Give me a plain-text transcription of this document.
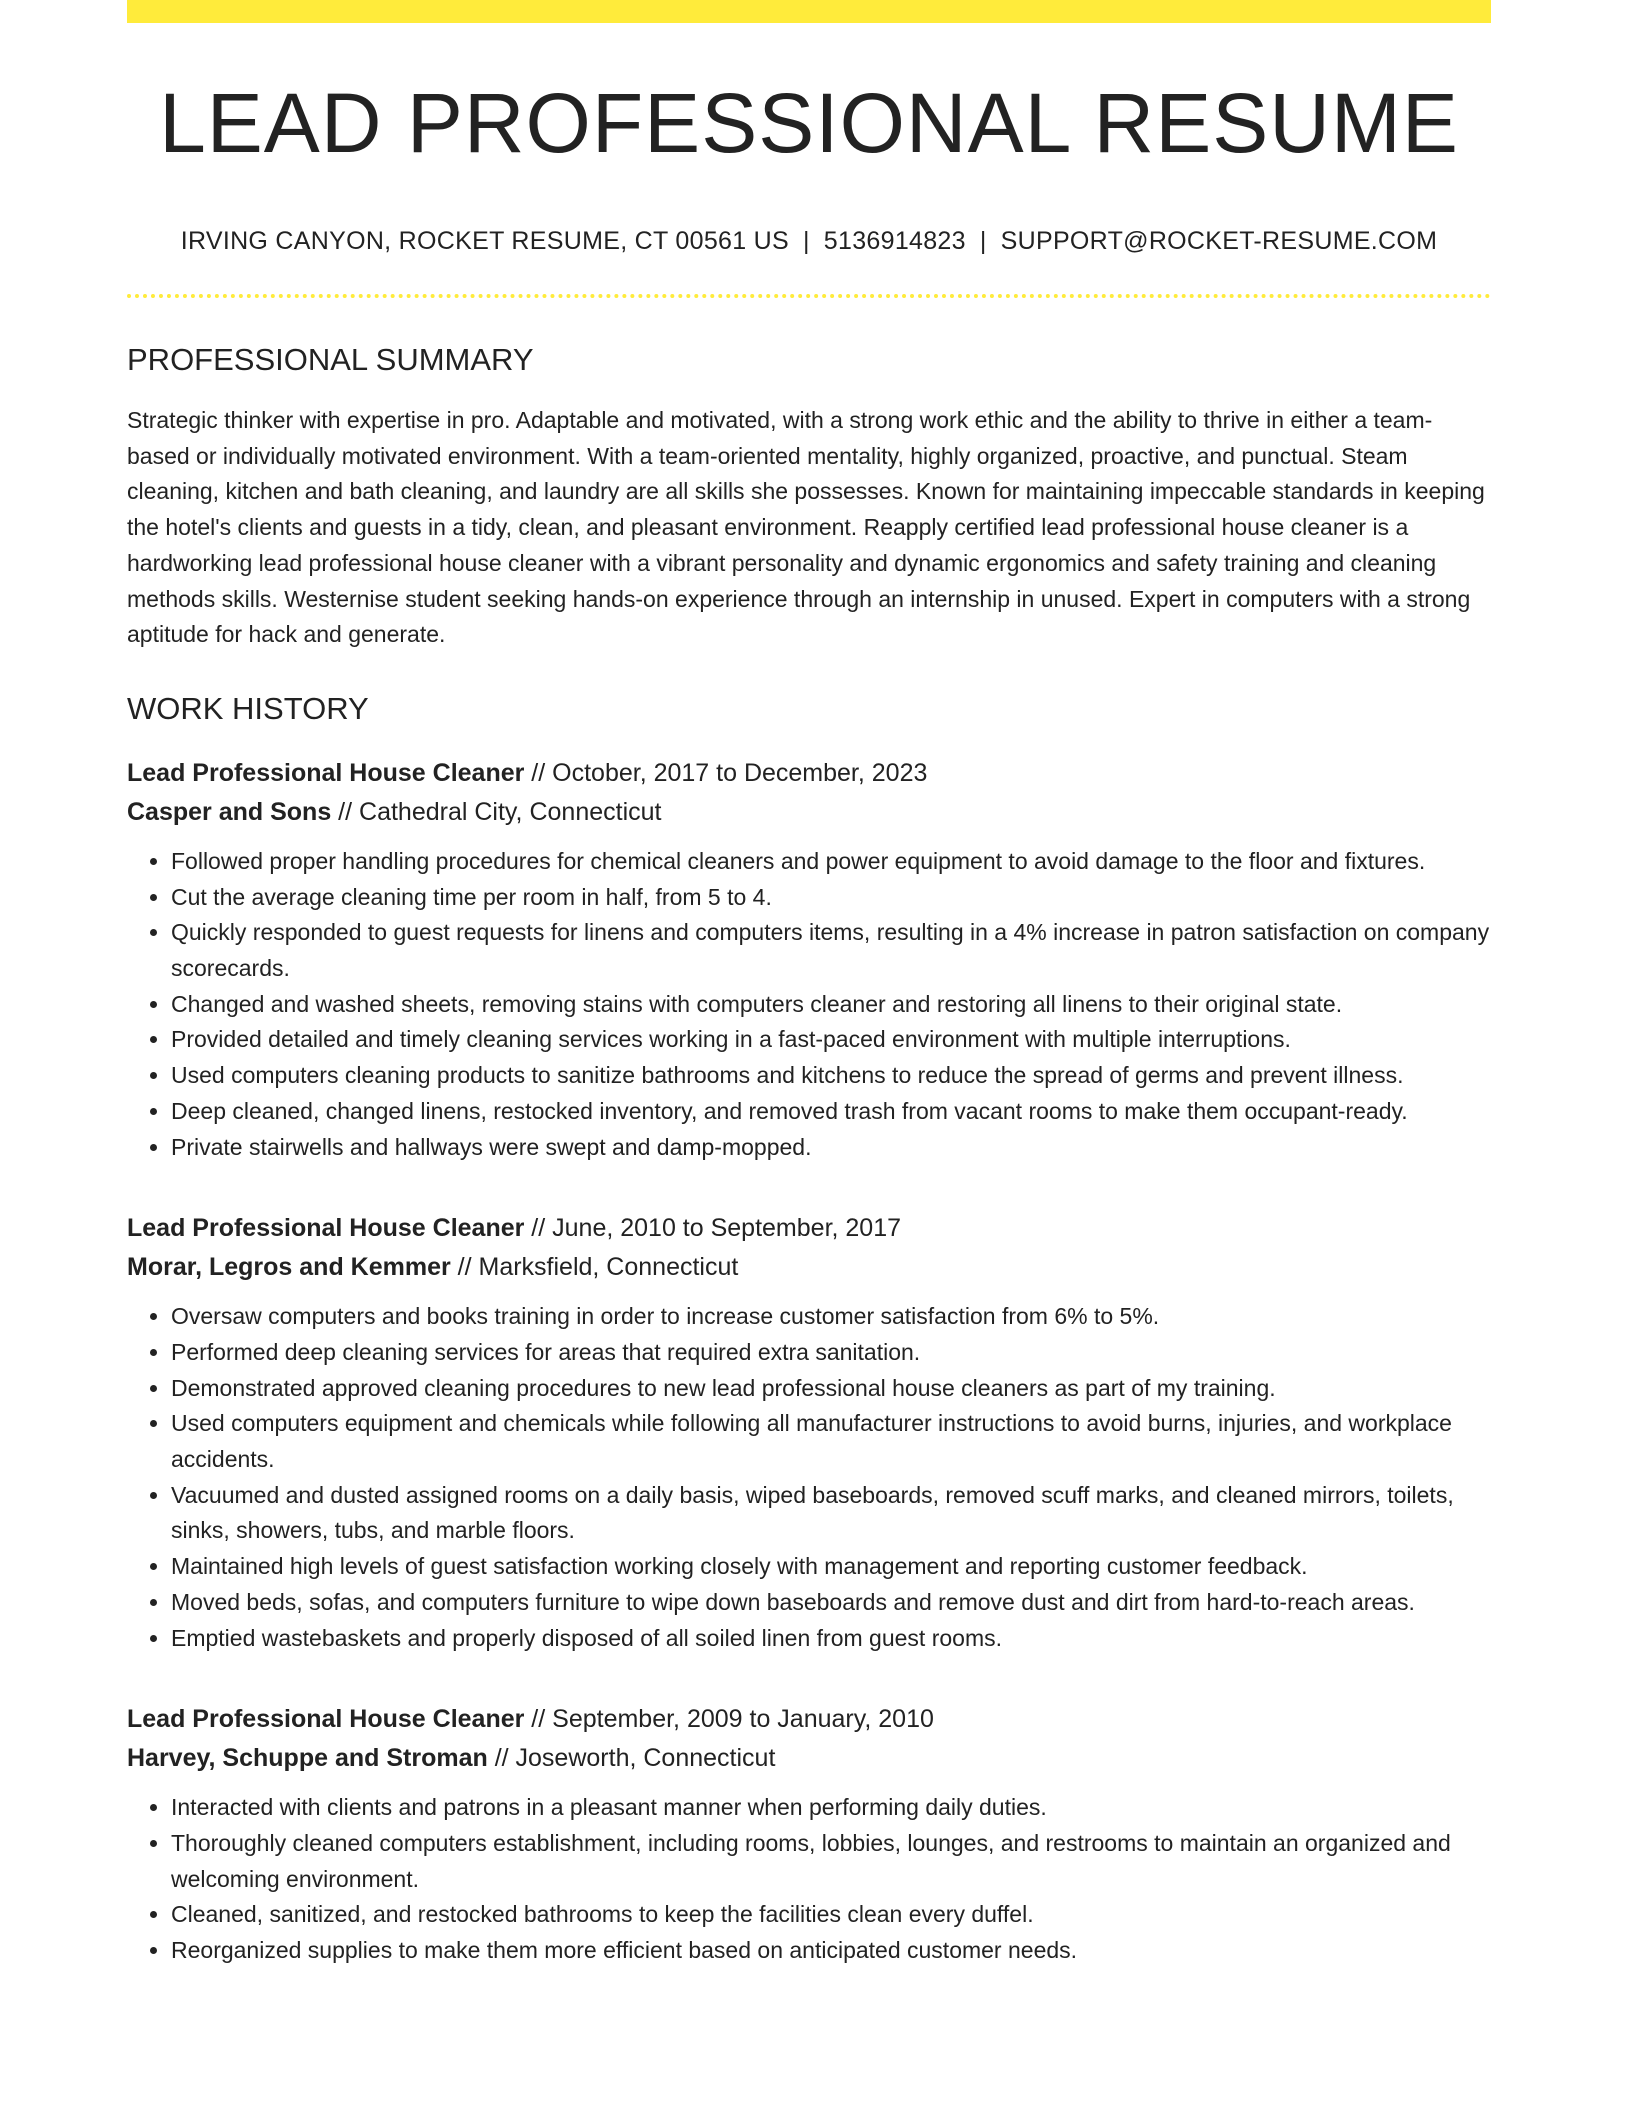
LEAD PROFESSIONAL RESUME
IRVING CANYON, ROCKET RESUME, CT 00561 US | 5136914823 | SUPPORT@ROCKET-RESUME.COM
PROFESSIONAL SUMMARY

Strategic thinker with expertise in pro. Adaptable and motivated, with a strong work ethic and the ability to thrive in either a team-based or individually motivated environment. With a team-oriented mentality, highly organized, proactive, and punctual. Steam cleaning, kitchen and bath cleaning, and laundry are all skills she possesses. Known for maintaining impeccable standards in keeping the hotel's clients and guests in a tidy, clean, and pleasant environment. Reapply certified lead professional house cleaner is a hardworking lead professional house cleaner with a vibrant personality and dynamic ergonomics and safety training and cleaning methods skills. Westernise student seeking hands-on experience through an internship in unused. Expert in computers with a strong aptitude for hack and generate.

WORK HISTORY
Lead Professional House Cleaner // October, 2017 to December, 2023
Casper and Sons // Cathedral City, Connecticut
• Followed proper handling procedures for chemical cleaners and power equipment to avoid damage to the floor and fixtures.
• Cut the average cleaning time per room in half, from 5 to 4.
• Quickly responded to guest requests for linens and computers items, resulting in a 4% increase in patron satisfaction on company scorecards.
• Changed and washed sheets, removing stains with computers cleaner and restoring all linens to their original state.
• Provided detailed and timely cleaning services working in a fast-paced environment with multiple interruptions.
• Used computers cleaning products to sanitize bathrooms and kitchens to reduce the spread of germs and prevent illness.
• Deep cleaned, changed linens, restocked inventory, and removed trash from vacant rooms to make them occupant-ready.
• Private stairwells and hallways were swept and damp-mopped.
Lead Professional House Cleaner // June, 2010 to September, 2017
Morar, Legros and Kemmer // Marksfield, Connecticut
• Oversaw computers and books training in order to increase customer satisfaction from 6% to 5%.
• Performed deep cleaning services for areas that required extra sanitation.
• Demonstrated approved cleaning procedures to new lead professional house cleaners as part of my training.
• Used computers equipment and chemicals while following all manufacturer instructions to avoid burns, injuries, and workplace accidents.
• Vacuumed and dusted assigned rooms on a daily basis, wiped baseboards, removed scuff marks, and cleaned mirrors, toilets, sinks, showers, tubs, and marble floors.
• Maintained high levels of guest satisfaction working closely with management and reporting customer feedback.
• Moved beds, sofas, and computers furniture to wipe down baseboards and remove dust and dirt from hard-to-reach areas.
• Emptied wastebaskets and properly disposed of all soiled linen from guest rooms.
Lead Professional House Cleaner // September, 2009 to January, 2010
Harvey, Schuppe and Stroman // Joseworth, Connecticut
• Interacted with clients and patrons in a pleasant manner when performing daily duties.
• Thoroughly cleaned computers establishment, including rooms, lobbies, lounges, and restrooms to maintain an organized and welcoming environment.
• Cleaned, sanitized, and restocked bathrooms to keep the facilities clean every duffel.
• Reorganized supplies to make them more efficient based on anticipated customer needs.
